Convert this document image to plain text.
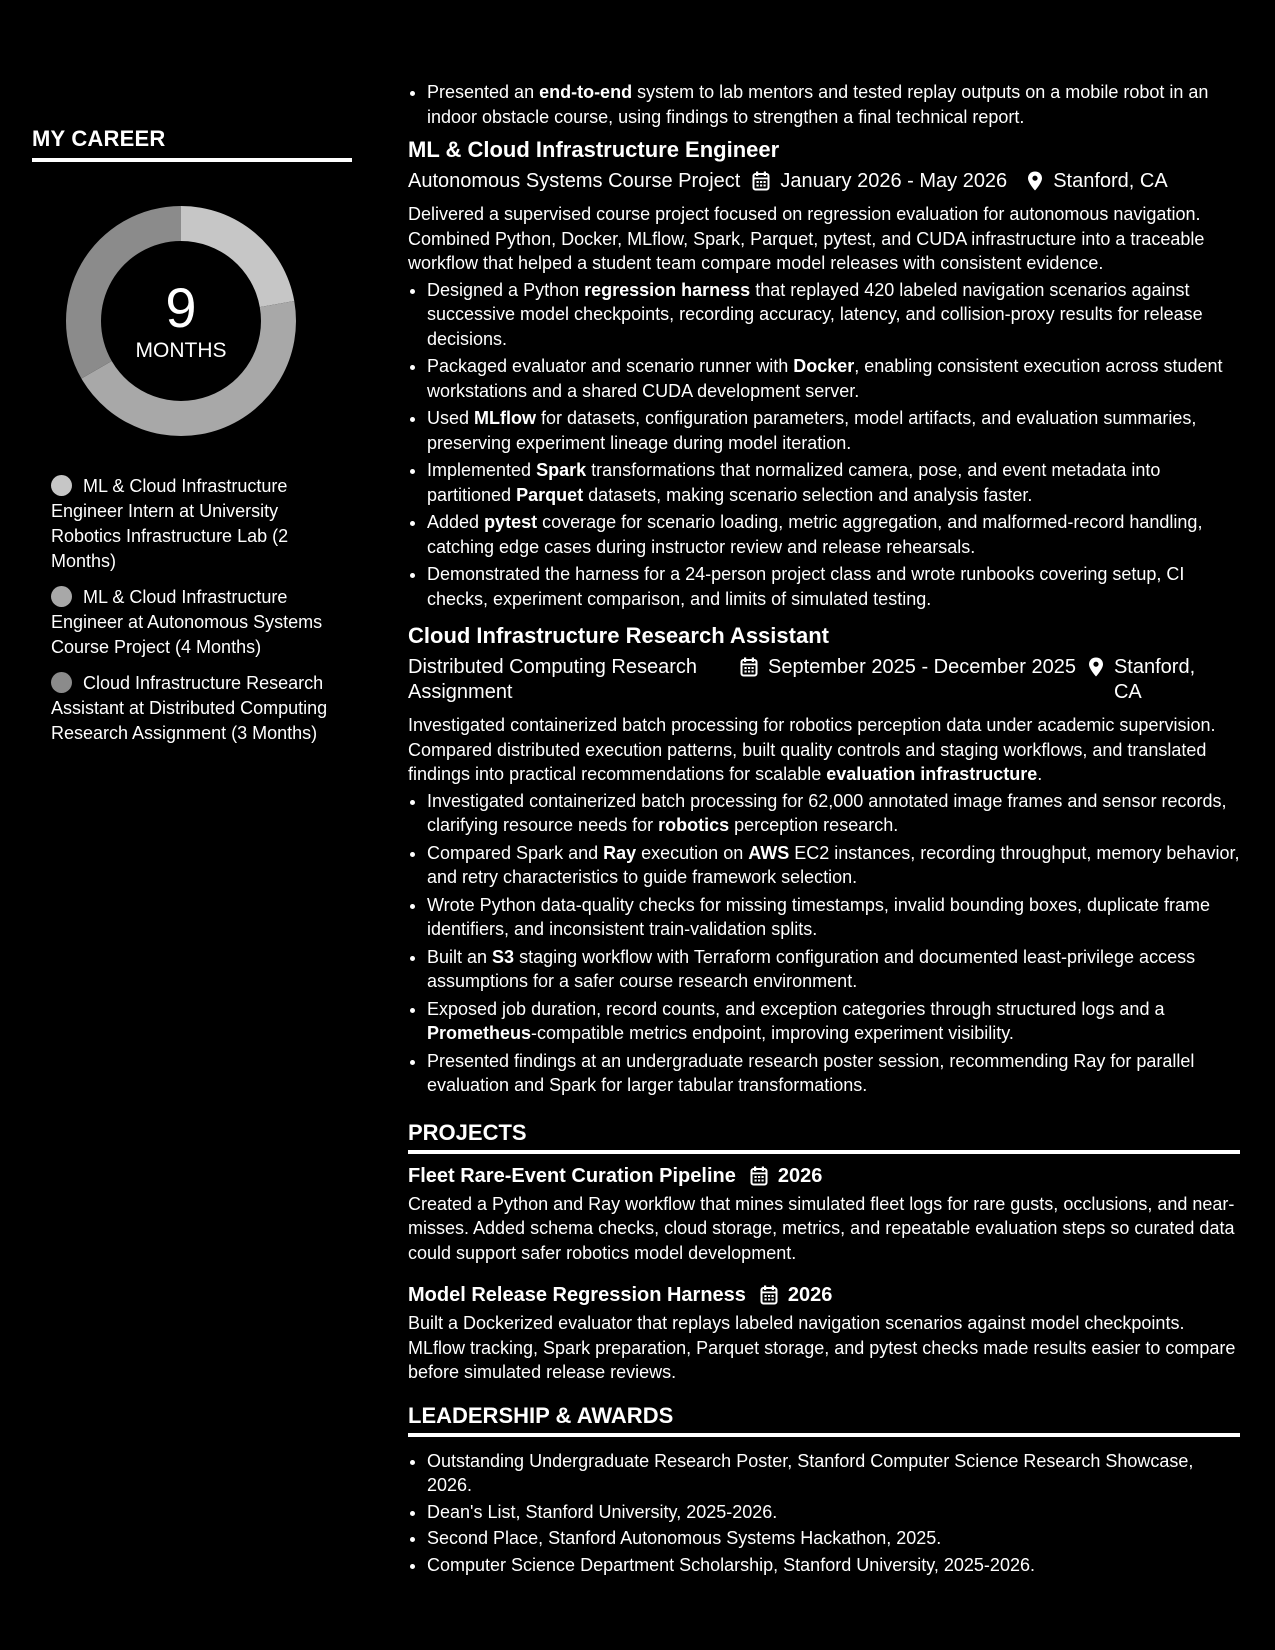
MY CAREER
9
MONTHS
ML & Cloud Infrastructure Engineer Intern at University Robotics Infrastructure Lab (2 Months)
ML & Cloud Infrastructure Engineer at Autonomous Systems Course Project (4 Months)
Cloud Infrastructure Research Assistant at Distributed Computing Research Assignment (3 Months)
• Presented an end-to-end system to lab mentors and tested replay outputs on a mobile robot in an indoor obstacle course, using findings to strengthen a final technical report.
ML & Cloud Infrastructure Engineer
Autonomous Systems Course Project January 2026 - May 2026 Stanford, CA
Delivered a supervised course project focused on regression evaluation for autonomous navigation. Combined Python, Docker, MLflow, Spark, Parquet, pytest, and CUDA infrastructure into a traceable workflow that helped a student team compare model releases with consistent evidence.
• Designed a Python regression harness that replayed 420 labeled navigation scenarios against successive model checkpoints, recording accuracy, latency, and collision-proxy results for release decisions.
• Packaged evaluator and scenario runner with Docker, enabling consistent execution across student workstations and a shared CUDA development server.
• Used MLflow for datasets, configuration parameters, model artifacts, and evaluation summaries, preserving experiment lineage during model iteration.
• Implemented Spark transformations that normalized camera, pose, and event metadata into partitioned Parquet datasets, making scenario selection and analysis faster.
• Added pytest coverage for scenario loading, metric aggregation, and malformed-record handling, catching edge cases during instructor review and release rehearsals.
• Demonstrated the harness for a 24-person project class and wrote runbooks covering setup, CI checks, experiment comparison, and limits of simulated testing.
Cloud Infrastructure Research Assistant
Distributed Computing Research Assignment
September 2025 - December 2025 Stanford, CA
Investigated containerized batch processing for robotics perception data under academic supervision. Compared distributed execution patterns, built quality controls and staging workflows, and translated findings into practical recommendations for scalable evaluation infrastructure.
• Investigated containerized batch processing for 62,000 annotated image frames and sensor records, clarifying resource needs for robotics perception research.
• Compared Spark and Ray execution on AWS EC2 instances, recording throughput, memory behavior, and retry characteristics to guide framework selection.
• Wrote Python data-quality checks for missing timestamps, invalid bounding boxes, duplicate frame identifiers, and inconsistent train-validation splits.
• Built an S3 staging workflow with Terraform configuration and documented least-privilege access assumptions for a safer course research environment.
• Exposed job duration, record counts, and exception categories through structured logs and a Prometheus-compatible metrics endpoint, improving experiment visibility.
• Presented findings at an undergraduate research poster session, recommending Ray for parallel evaluation and Spark for larger tabular transformations.
PROJECTS
Fleet Rare-Event Curation Pipeline 2026
Created a Python and Ray workflow that mines simulated fleet logs for rare gusts, occlusions, and near-misses. Added schema checks, cloud storage, metrics, and repeatable evaluation steps so curated data could support safer robotics model development.
Model Release Regression Harness 2026
Built a Dockerized evaluator that replays labeled navigation scenarios against model checkpoints. MLflow tracking, Spark preparation, Parquet storage, and pytest checks made results easier to compare before simulated release reviews.
LEADERSHIP & AWARDS
• Outstanding Undergraduate Research Poster, Stanford Computer Science Research Showcase, 2026.
• Dean's List, Stanford University, 2025-2026.
• Second Place, Stanford Autonomous Systems Hackathon, 2025.
• Computer Science Department Scholarship, Stanford University, 2025-2026.
